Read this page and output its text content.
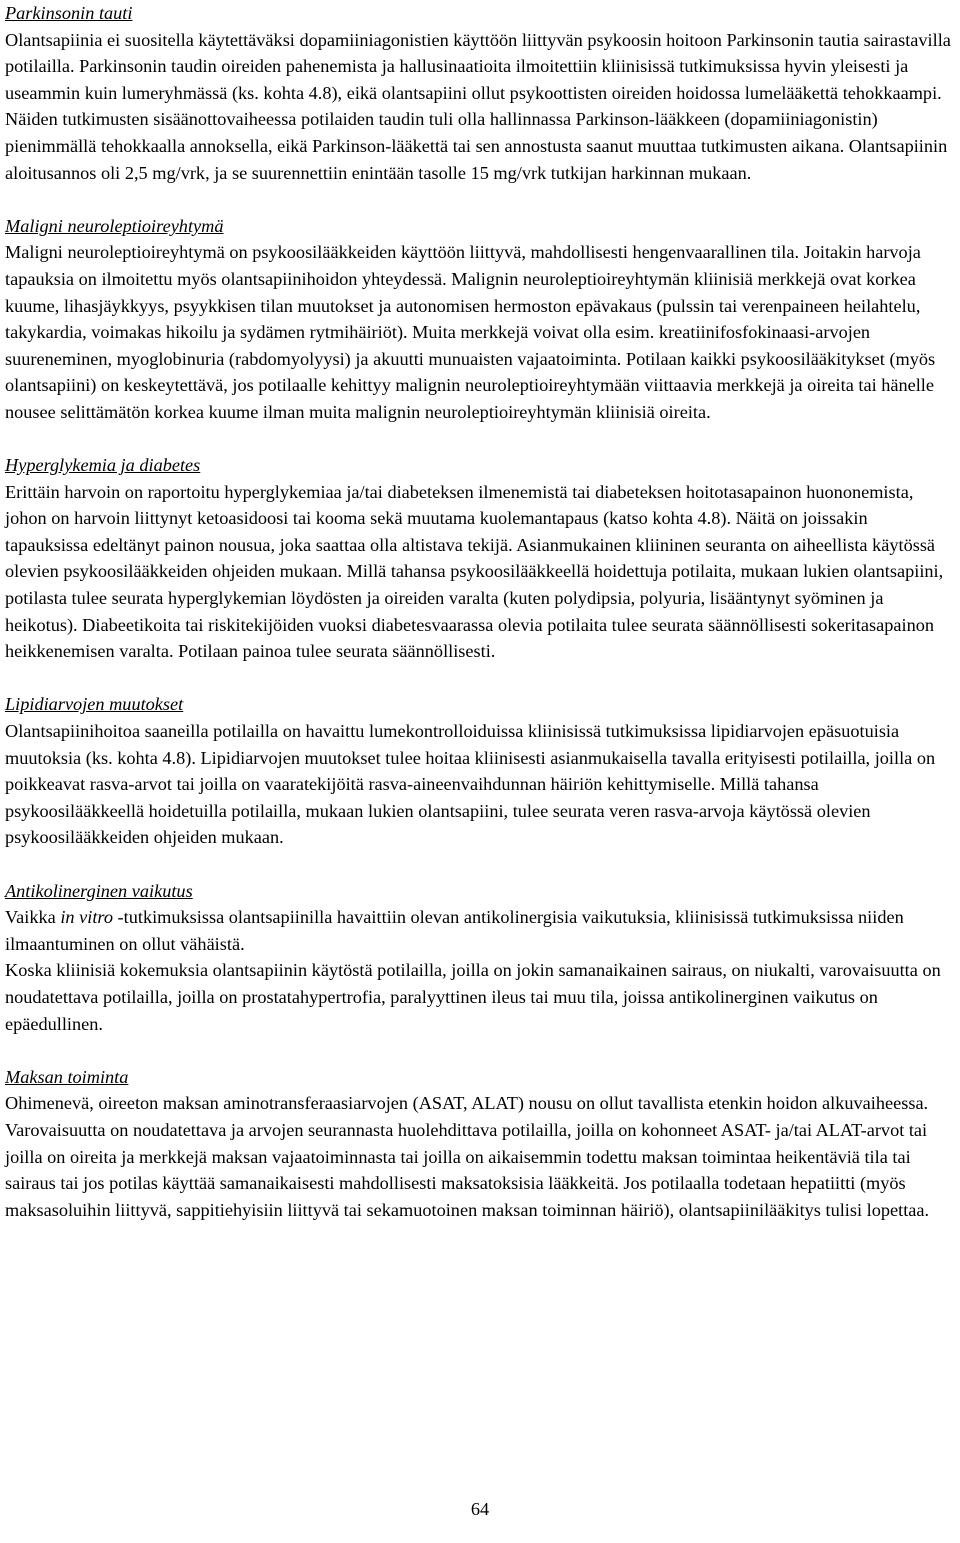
Parkinsonin tauti

Olantsapiinia ei suositella käytettäväksi dopamiiniagonistien käyttöön liittyvän psykoosin hoitoon Parkinsonin tautia sairastavilla potilailla. Parkinsonin taudin oireiden pahenemista ja hallusinaatioita ilmoitettiin kliinisissä tutkimuksissa hyvin yleisesti ja useammin kuin lumeryhmässä (ks. kohta 4.8), eikä olantsapiini ollut psykoottisten oireiden hoidossa lumelääkettä tehokkaampi. Näiden tutkimusten sisäänottovaiheessa potilaiden taudin tuli olla hallinnassa Parkinson-lääkkeen (dopamiiniagonistin) pienimmällä tehokkaalla annoksella, eikä Parkinson-lääkettä tai sen annostusta saanut muuttaa tutkimusten aikana. Olantsapiinin aloitusannos oli 2,5 mg/vrk, ja se suurennettiin enintään tasolle 15 mg/vrk tutkijan harkinnan mukaan.

Maligni neuroleptioireyhtymä

Maligni neuroleptioireyhtymä on psykoosilääkkeiden käyttöön liittyvä, mahdollisesti hengenvaarallinen tila. Joitakin harvoja tapauksia on ilmoitettu myös olantsapiinihoidon yhteydessä. Malignin neuroleptioireyhtymän kliinisiä merkkejä ovat korkea kuume, lihasjäykkyys, psyykkisen tilan muutokset ja autonomisen hermoston epävakaus (pulssin tai verenpaineen heilahtelu, takykardia, voimakas hikoilu ja sydämen rytmihäiriöt). Muita merkkejä voivat olla esim. kreatiinifosfokinaasi-arvojen suureneminen, myoglobinuria (rabdomyolyysi) ja akuutti munuaisten vajaatoiminta. Potilaan kaikki psykoosilääkitykset (myös olantsapiini) on keskeytettävä, jos potilaalle kehittyy malignin neuroleptioireyhtymään viittaavia merkkejä ja oireita tai hänelle nousee selittämätön korkea kuume ilman muita malignin neuroleptioireyhtymän kliinisiä oireita.

Hyperglykemia ja diabetes

Erittäin harvoin on raportoitu hyperglykemiaa ja/tai diabeteksen ilmenemistä tai diabeteksen hoitotasapainon huononemista, johon on harvoin liittynyt ketoasidoosi tai kooma sekä muutama kuolemantapaus (katso kohta 4.8). Näitä on joissakin tapauksissa edeltänyt painon nousua, joka saattaa olla altistava tekijä. Asianmukainen kliininen seuranta on aiheellista käytössä olevien psykoosilääkkeiden ohjeiden mukaan. Millä tahansa psykoosilääkkeellä hoidettuja potilaita, mukaan lukien olantsapiini, potilasta tulee seurata hyperglykemian löydösten ja oireiden varalta (kuten polydipsia, polyuria, lisääntynyt syöminen ja heikotus). Diabeetikoita tai riskitekijöiden vuoksi diabetesvaarassa olevia potilaita tulee seurata säännöllisesti sokeritasapainon heikkenemisen varalta. Potilaan painoa tulee seurata säännöllisesti.

Lipidiarvojen muutokset

Olantsapiinihoitoa saaneilla potilailla on havaittu lumekontrolloiduissa kliinisissä tutkimuksissa lipidiarvojen epäsuotuisia muutoksia (ks. kohta 4.8). Lipidiarvojen muutokset tulee hoitaa kliinisesti asianmukaisella tavalla erityisesti potilailla, joilla on poikkeavat rasva-arvot tai joilla on vaaratekijöitä rasva-aineenvaihdunnan häiriön kehittymiselle. Millä tahansa psykoosilääkkeellä hoidetuilla potilailla, mukaan lukien olantsapiini, tulee seurata veren rasva-arvoja käytössä olevien psykoosilääkkeiden ohjeiden mukaan.

Antikolinerginen vaikutus

Vaikka in vitro -tutkimuksissa olantsapiinilla havaittiin olevan antikolinergisia vaikutuksia, kliinisissä tutkimuksissa niiden ilmaantuminen on ollut vähäistä.

Koska kliinisiä kokemuksia olantsapiinin käytöstä potilailla, joilla on jokin samanaikainen sairaus, on niukalti, varovaisuutta on noudatettava potilailla, joilla on prostatahypertrofia, paralyyttinen ileus tai muu tila, joissa antikolinerginen vaikutus on epäedullinen.

Maksan toiminta

Ohimenevä, oireeton maksan aminotransferaasiarvojen (ASAT, ALAT) nousu on ollut tavallista etenkin hoidon alkuvaiheessa. Varovaisuutta on noudatettava ja arvojen seurannasta huolehdittava potilailla, joilla on kohonneet ASAT- ja/tai ALAT-arvot tai joilla on oireita ja merkkejä maksan vajaatoiminnasta tai joilla on aikaisemmin todettu maksan toimintaa heikentäviä tila tai sairaus tai jos potilas käyttää samanaikaisesti mahdollisesti maksatoksisia lääkkeitä. Jos potilaalla todetaan hepatiitti (myös maksasoluihin liittyvä, sappitiehyisiin liittyvä tai sekamuotoinen maksan toiminnan häiriö), olantsapiinilääkitys tulisi lopettaa.

64
